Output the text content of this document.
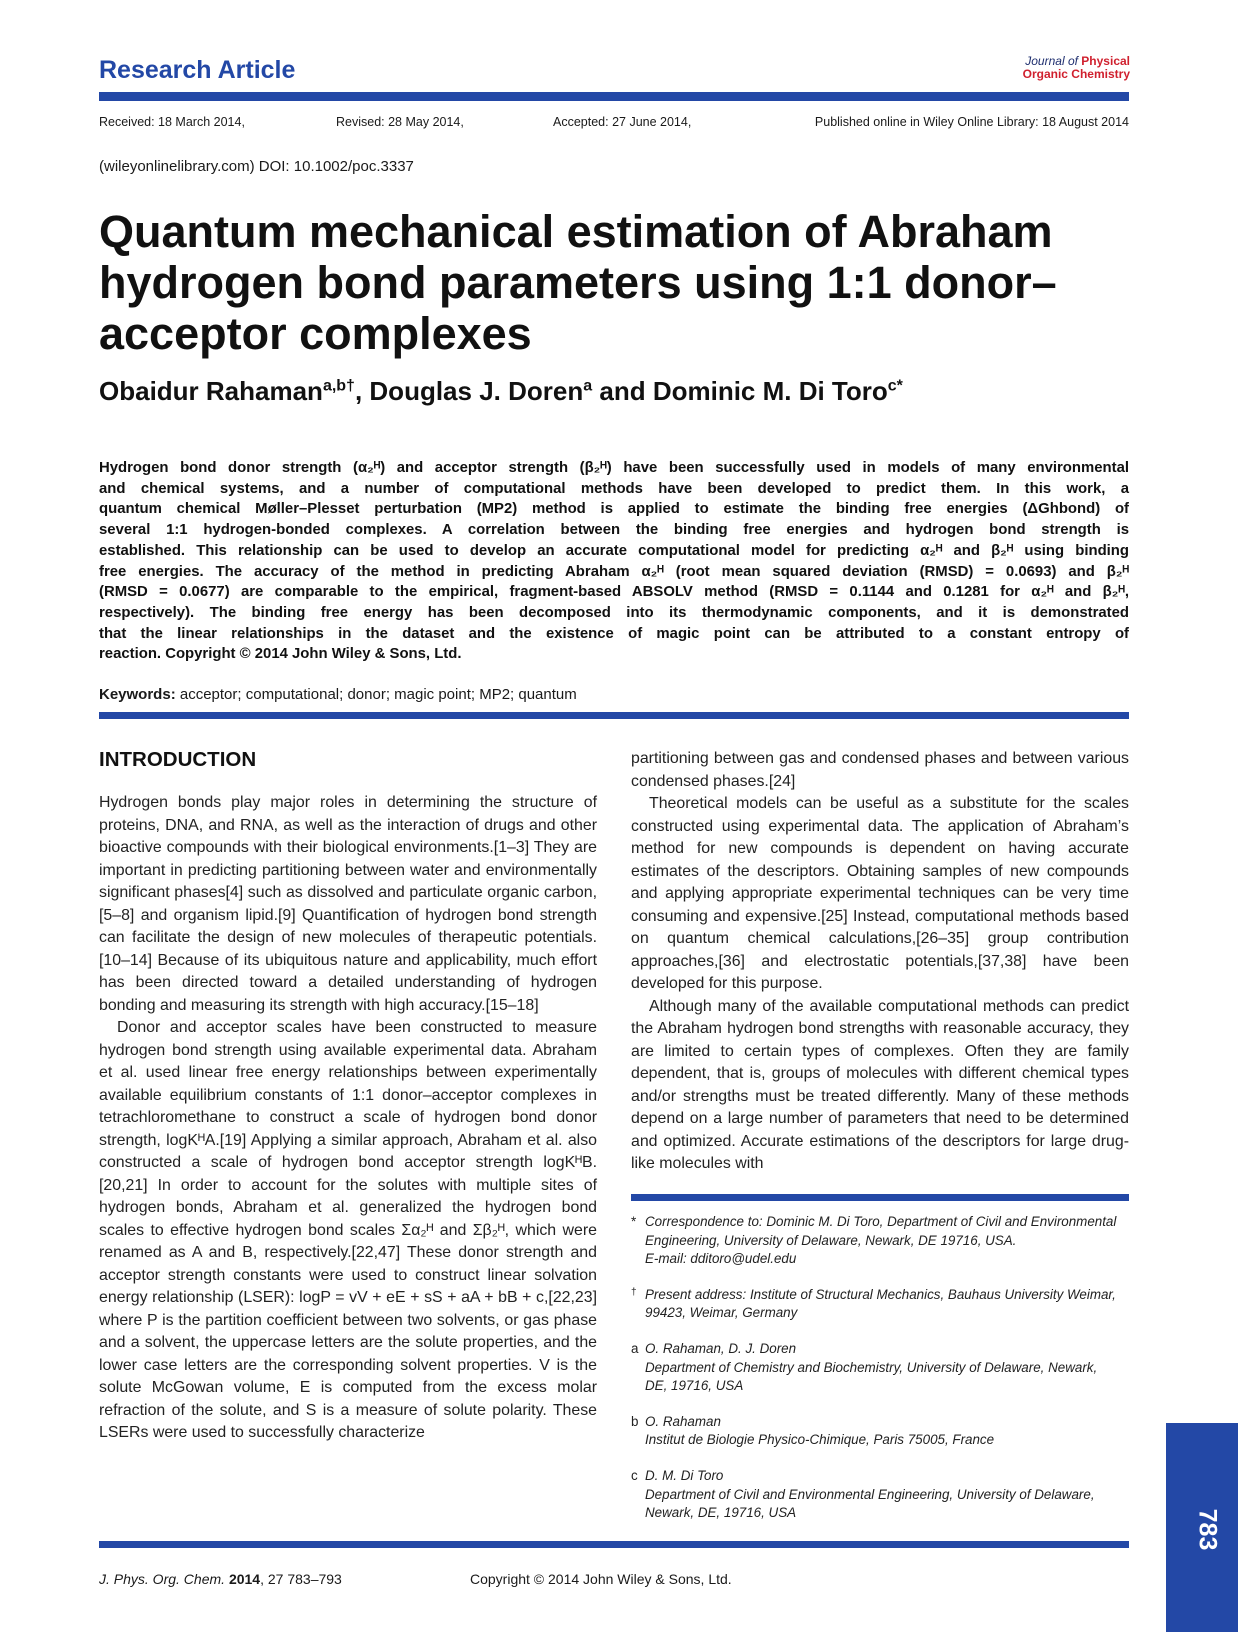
Research Article	Journal of Physical
Organic Chemistry
Received: 18 March 2014,	Revised: 28 May 2014,	Accepted: 27 June 2014,	Published online in Wiley Online Library: 18 August 2014
(wileyonlinelibrary.com) DOI: 10.1002/poc.3337
Quantum mechanical estimation of Abraham
hydrogen bond parameters using 1:1 donor–
acceptor complexes
Obaidur Rahaman$^{a,b\dagger}$, Douglas J. Doren$^a$ and Dominic M. Di Toro$^{c*}$
Hydrogen bond donor strength (α₂ᴴ) and acceptor strength (β₂ᴴ) have been successfully used in models of many environmental
and chemical systems, and a number of computational methods have been developed to predict them. In this work, a
quantum chemical Møller–Plesset perturbation (MP2) method is applied to estimate the binding free energies (ΔGhbond) of
several 1:1 hydrogen-bonded complexes. A correlation between the binding free energies and hydrogen bond strength is
established. This relationship can be used to develop an accurate computational model for predicting α₂ᴴ and β₂ᴴ using binding
free energies. The accuracy of the method in predicting Abraham α₂ᴴ (root mean squared deviation (RMSD) = 0.0693) and β₂ᴴ
(RMSD = 0.0677) are comparable to the empirical, fragment-based ABSOLV method (RMSD = 0.1144 and 0.1281 for α₂ᴴ and β₂ᴴ,
respectively). The binding free energy has been decomposed into its thermodynamic components, and it is demonstrated
that the linear relationships in the dataset and the existence of magic point can be attributed to a constant entropy of
reaction. Copyright © 2014 John Wiley & Sons, Ltd.
Keywords: acceptor; computational; donor; magic point; MP2; quantum
INTRODUCTION

Hydrogen bonds play major roles in determining the structure of proteins, DNA, and RNA, as well as the interaction of drugs and other bioactive compounds with their biological environments.[1–3] They are important in predicting partitioning between water and environmentally significant phases[4] such as dissolved and particulate organic carbon,[5–8] and organism lipid.[9] Quantification of hydrogen bond strength can facilitate the design of new molecules of therapeutic potentials.[10–14] Because of its ubiquitous nature and applicability, much effort has been directed toward a detailed understanding of hydrogen bonding and measuring its strength with high accuracy.[15–18]

Donor and acceptor scales have been constructed to measure hydrogen bond strength using available experimental data. Abraham et al. used linear free energy relationships between experimentally available equilibrium constants of 1:1 donor–acceptor complexes in tetrachloromethane to construct a scale of hydrogen bond donor strength, logKᴴA.[19] Applying a similar approach, Abraham et al. also constructed a scale of hydrogen bond acceptor strength logKᴴB.[20,21] In order to account for the solutes with multiple sites of hydrogen bonds, Abraham et al. generalized the hydrogen bond scales to effective hydrogen bond scales Σα₂ᴴ and Σβ₂ᴴ, which were renamed as A and B, respectively.[22,47] These donor strength and acceptor strength constants were used to construct linear solvation energy relationship (LSER): logP = vV + eE + sS + aA + bB + c,[22,23] where P is the partition coefficient between two solvents, or gas phase and a solvent, the uppercase letters are the solute properties, and the lower case letters are the corresponding solvent properties. V is the solute McGowan volume, E is computed from the excess molar refraction of the solute, and S is a measure of solute polarity. These LSERs were used to successfully characterize

partitioning between gas and condensed phases and between various condensed phases.[24]

Theoretical models can be useful as a substitute for the scales constructed using experimental data. The application of Abraham’s method for new compounds is dependent on having accurate estimates of the descriptors. Obtaining samples of new compounds and applying appropriate experimental techniques can be very time consuming and expensive.[25] Instead, computational methods based on quantum chemical calculations,[26–35] group contribution approaches,[36] and electrostatic potentials,[37,38] have been developed for this purpose.

Although many of the available computational methods can predict the Abraham hydrogen bond strengths with reasonable accuracy, they are limited to certain types of complexes. Often they are family dependent, that is, groups of molecules with different chemical types and/or strengths must be treated differently. Many of these methods depend on a large number of parameters that need to be determined and optimized. Accurate estimations of the descriptors for large drug-like molecules with

* Correspondence to: Dominic M. Di Toro, Department of Civil and Environmental
Engineering, University of Delaware, Newark, DE 19716, USA.
E-mail: dditoro@udel.edu
† Present address: Institute of Structural Mechanics, Bauhaus University Weimar,
99423, Weimar, Germany
a O. Rahaman, D. J. Doren
Department of Chemistry and Biochemistry, University of Delaware, Newark,
DE, 19716, USA
b O. Rahaman
Institut de Biologie Physico-Chimique, Paris 75005, France
c D. M. Di Toro
Department of Civil and Environmental Engineering, University of Delaware,
Newark, DE, 19716, USA
J. Phys. Org. Chem. 2014, 27 783–793	Copyright © 2014 John Wiley & Sons, Ltd.
783
